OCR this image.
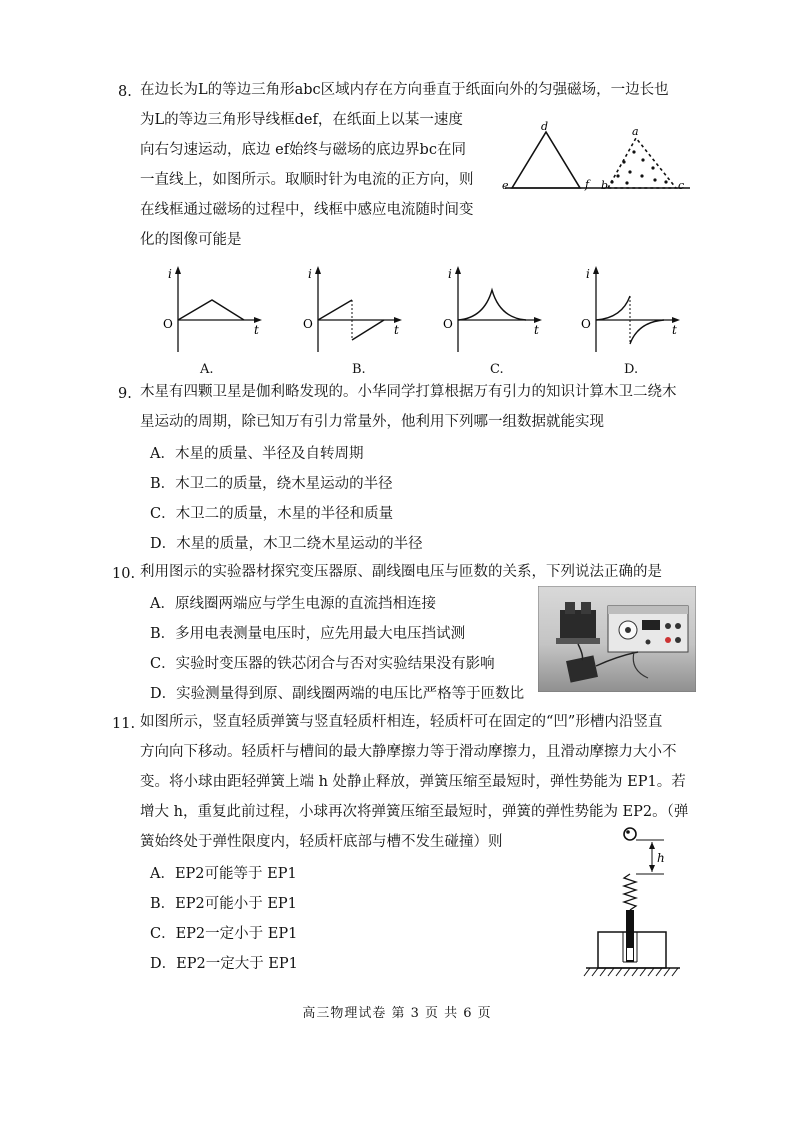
8. 在边长为L的等边三角形abc区域内存在方向垂直于纸面向外的匀强磁场，一边长也
为L的等边三角形导线框def，在纸面上以某一速度
向右匀速运动，底边 ef始终与磁场的底边界bc在同
一直线上，如图所示。取顺时针为电流的正方向，则
在线框通过磁场的过程中，线框中感应电流随时间变
化的图像可能是
d	a
e	f b	c
i
O	t
A.
i
O	t
B.
i
O	t
C.
i
O	t
D.
9. 木星有四颗卫星是伽利略发现的。小华同学打算根据万有引力的知识计算木卫二绕木
星运动的周期，除已知万有引力常量外，他利用下列哪一组数据就能实现
A．木星的质量、半径及自转周期
B．木卫二的质量，绕木星运动的半径
C．木卫二的质量，木星的半径和质量
D．木星的质量，木卫二绕木星运动的半径
10. 利用图示的实验器材探究变压器原、副线圈电压与匝数的关系，下列说法正确的是
A．原线圈两端应与学生电源的直流挡相连接
B．多用电表测量电压时，应先用最大电压挡试测
C．实验时变压器的铁芯闭合与否对实验结果没有影响
D．实验测量得到原、副线圈两端的电压比严格等于匝数比
11. 如图所示，竖直轻质弹簧与竖直轻质杆相连，轻质杆可在固定的“凹”形槽内沿竖直
方向向下移动。轻质杆与槽间的最大静摩擦力等于滑动摩擦力，且滑动摩擦力大小不
变。将小球由距轻弹簧上端 h 处静止释放，弹簧压缩至最短时，弹性势能为 EP1。若
增大 h，重复此前过程，小球再次将弹簧压缩至最短时，弹簧的弹性势能为 EP2。（弹
簧始终处于弹性限度内，轻质杆底部与槽不发生碰撞）则
A．EP2可能等于 EP1
B．EP2可能小于 EP1
C．EP2一定小于 EP1
D．EP2一定大于 EP1
h
高三物理试卷 第 3 页 共 6 页
